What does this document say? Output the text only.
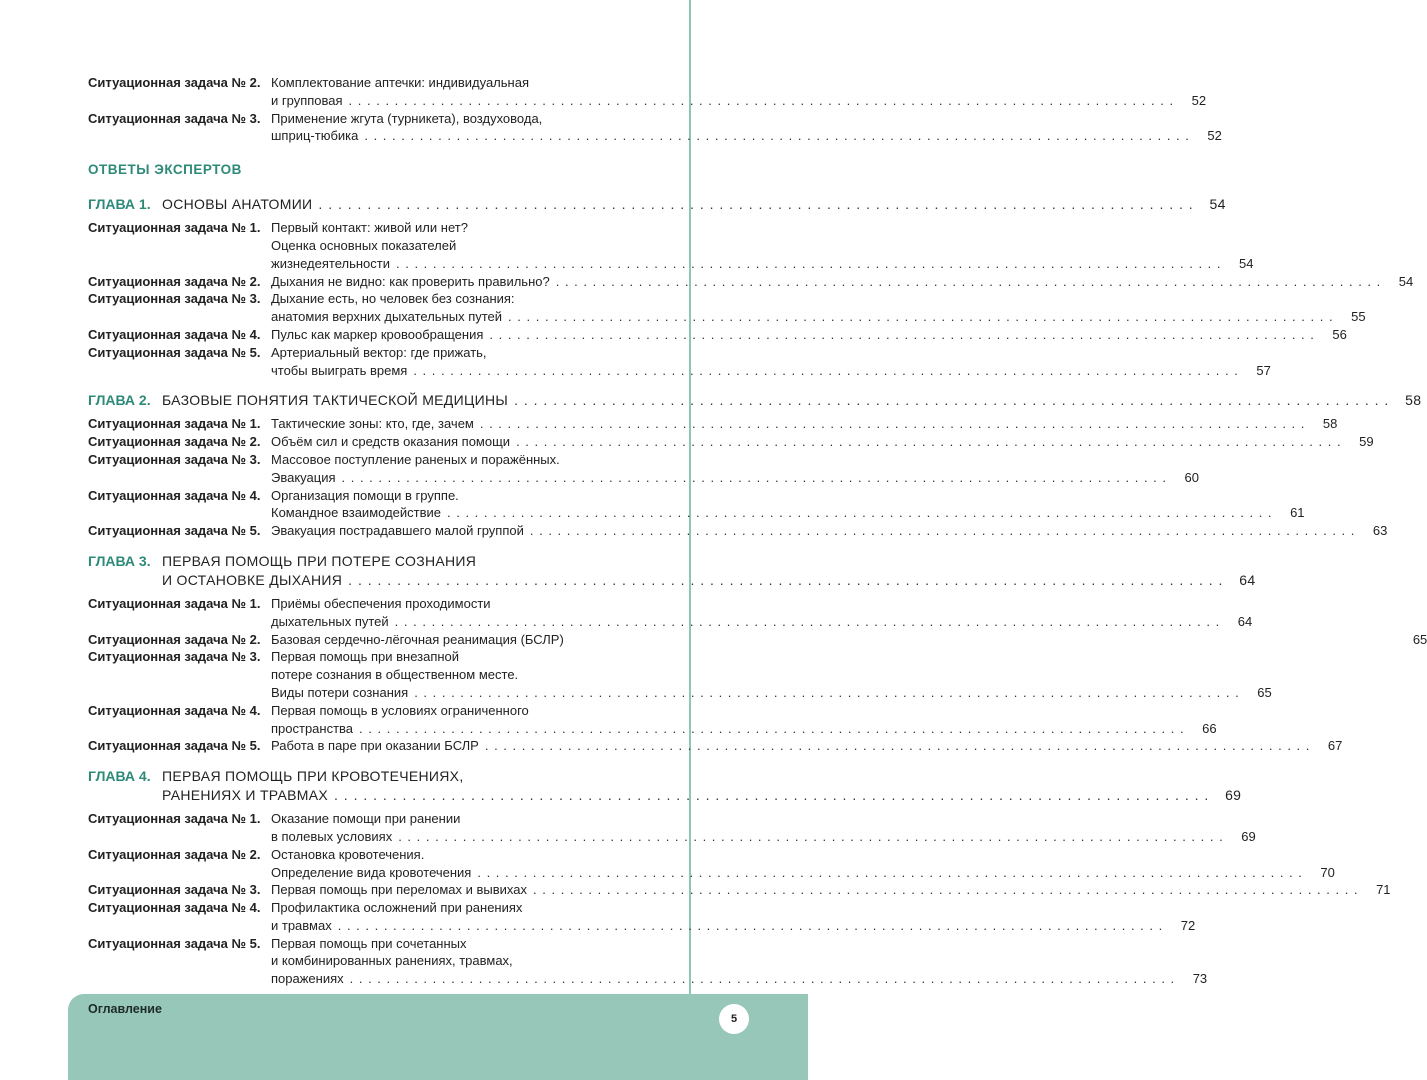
Ситуационная задача № 2. Комплектование аптечки: индивидуальная
и групповая . . .	52
Ситуационная задача № 3. Применение жгута (турникета), воздуховода,
шприц-тюбика . . .	52
ОТВЕТЫ ЭКСПЕРТОВ
ГЛАВА 1. ОСНОВЫ АНАТОМИИ . . .	54
Ситуационная задача № 1. Первый контакт: живой или нет?
Оценка основных показателей
жизнедеятельности . . .	54
Ситуационная задача № 2. Дыхания не видно: как проверить правильно? . . .	54
Ситуационная задача № 3. Дыхание есть, но человек без сознания:
анатомия верхних дыхательных путей . . .	55
Ситуационная задача № 4. Пульс как маркер кровообращения . . .	56
Ситуационная задача № 5. Артериальный вектор: где прижать,
чтобы выиграть время . . .	57
ГЛАВА 2. БАЗОВЫЕ ПОНЯТИЯ ТАКТИЧЕСКОЙ МЕДИЦИНЫ . . .	58
Ситуационная задача № 1. Тактические зоны: кто, где, зачем . . .	58
Ситуационная задача № 2. Объём сил и средств оказания помощи . . .	59
Ситуационная задача № 3. Массовое поступление раненых и поражённых.
Эвакуация . . .	60
Ситуационная задача № 4. Организация помощи в группе.
Командное взаимодействие . . .	61
Ситуационная задача № 5. Эвакуация пострадавшего малой группой . . .	63
ГЛАВА 3. ПЕРВАЯ ПОМОЩЬ ПРИ ПОТЕРЕ СОЗНАНИЯ
И ОСТАНОВКЕ ДЫХАНИЯ . . .	64
Ситуационная задача № 1. Приёмы обеспечения проходимости
дыхательных путей . . .	64
Ситуационная задача № 2. Базовая сердечно-лёгочная реанимация (БСЛР)	65
Ситуационная задача № 3. Первая помощь при внезапной
потере сознания в общественном месте.
Виды потери сознания . . .	65
Ситуационная задача № 4. Первая помощь в условиях ограниченного
пространства . . .	66
Ситуационная задача № 5. Работа в паре при оказании БСЛР . . .	67
ГЛАВА 4. ПЕРВАЯ ПОМОЩЬ ПРИ КРОВОТЕЧЕНИЯХ,
РАНЕНИЯХ И ТРАВМАХ . . .	69
Ситуационная задача № 1. Оказание помощи при ранении
в полевых условиях . . .	69
Ситуационная задача № 2. Остановка кровотечения.
Определение вида кровотечения . . .	70
Ситуационная задача № 3. Первая помощь при переломах и вывихах . . .	71
Ситуационная задача № 4. Профилактика осложнений при ранениях
и травмах . . .	72
Ситуационная задача № 5. Первая помощь при сочетанных
и комбинированных ранениях, травмах,
поражениях . . .	73
Оглавление
5
